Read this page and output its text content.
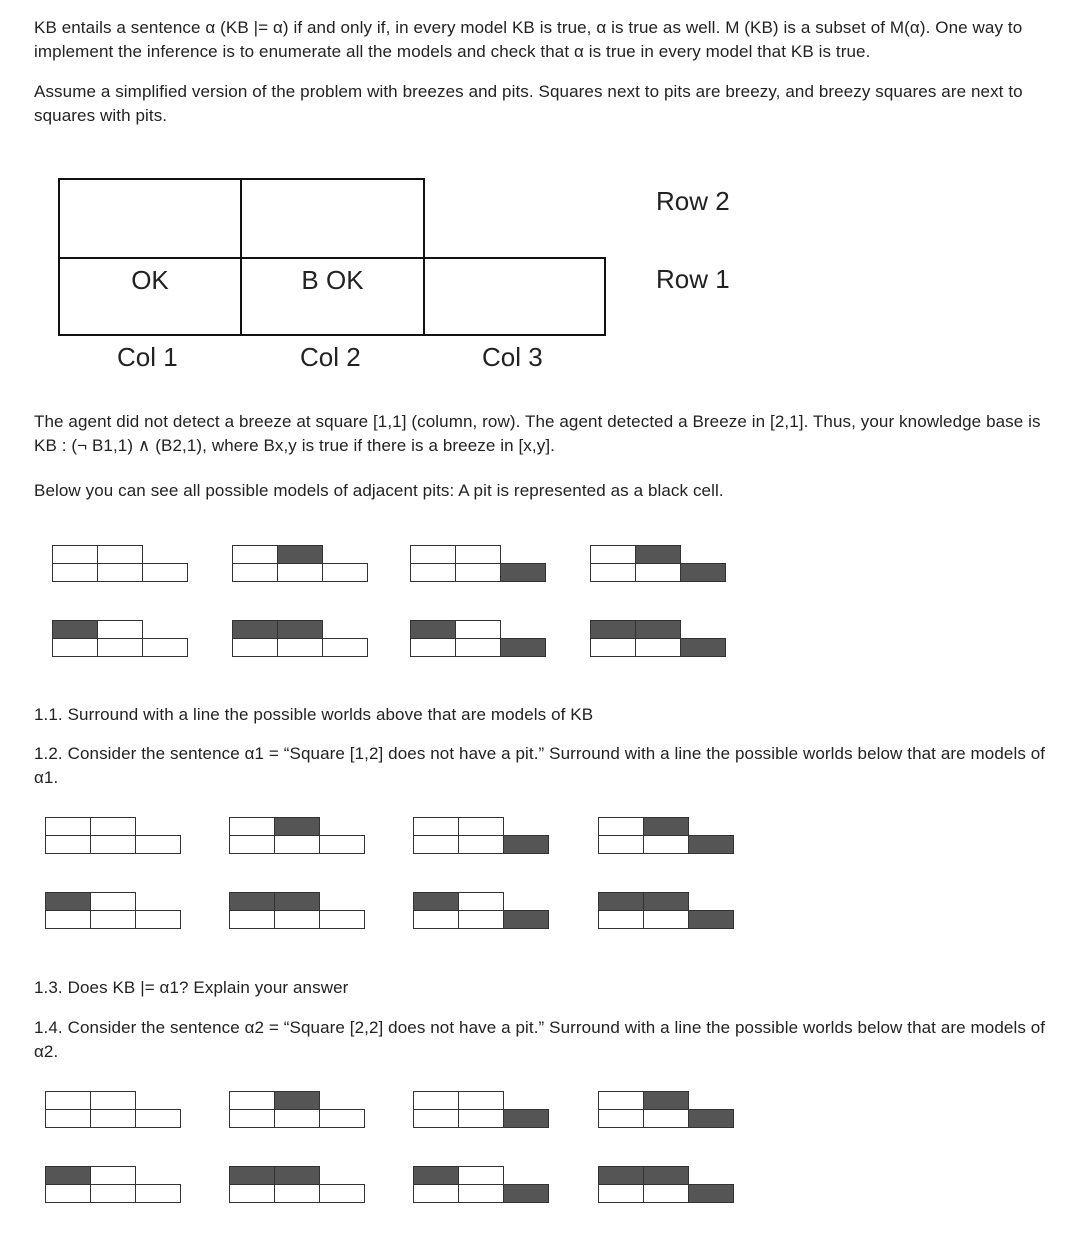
KB entails a sentence α (KB |= α) if and only if, in every model KB is true, α is true as well. M (KB) is a subset of M(α). One way to implement the inference is to enumerate all the models and check that α is true in every model that KB is true.

Assume a simplified version of the problem with breezes and pits. Squares next to pits are breezy, and breezy squares are next to squares with pits.

OK	B OK
Row 2
Row 1
Col 1	Col 2	Col 3

The agent did not detect a breeze at square [1,1] (column, row). The agent detected a Breeze in [2,1]. Thus, your knowledge base is KB : (¬ B1,1) ∧ (B2,1), where Bx,y is true if there is a breeze in [x,y].

Below you can see all possible models of adjacent pits: A pit is represented as a black cell.

1.1. Surround with a line the possible worlds above that are models of KB

1.2. Consider the sentence α1 = “Square [1,2] does not have a pit.” Surround with a line the possible worlds below that are models of α1.

1.3. Does KB |= α1? Explain your answer

1.4. Consider the sentence α2 = “Square [2,2] does not have a pit.” Surround with a line the possible worlds below that are models of α2.
